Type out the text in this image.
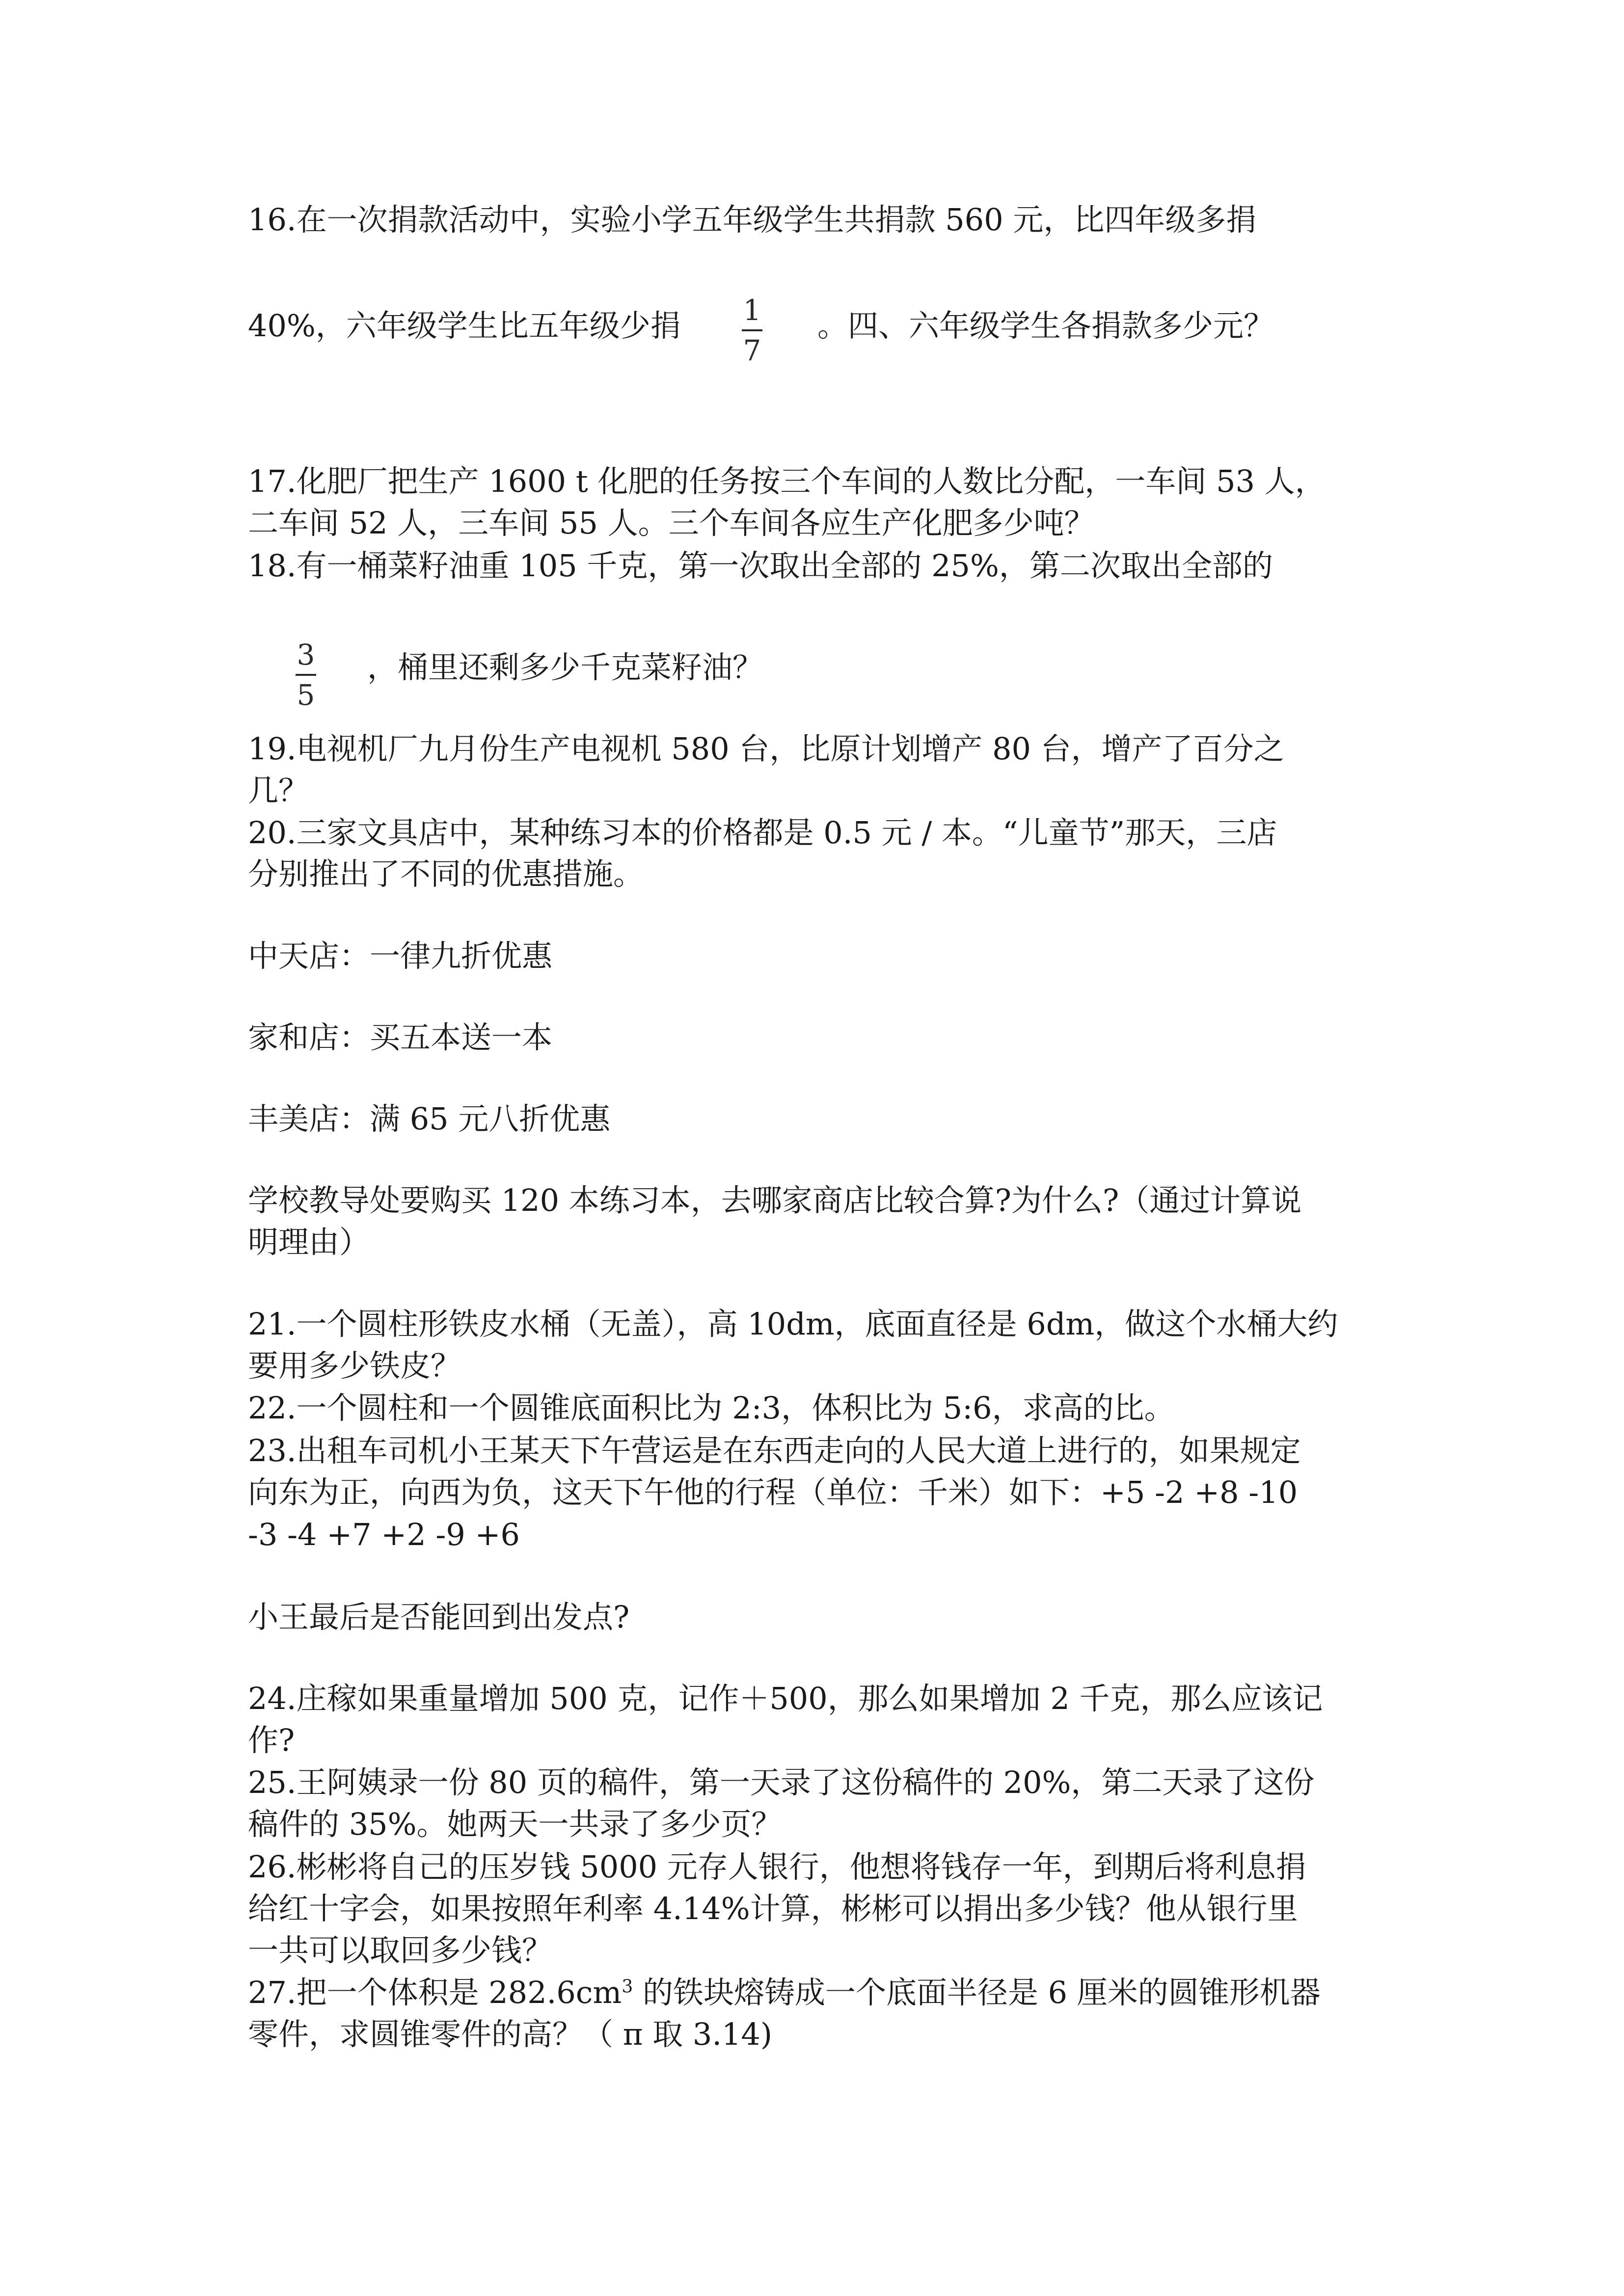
16.在一次捐款活动中，实验小学五年级学生共捐款 560 元，比四年级多捐
40%，六年级学生比五年级少捐 1
7
。四、六年级学生各捐款多少元？
17.化肥厂把生产 1600 t 化肥的任务按三个车间的人数比分配，一车间 53 人，
二车间 52 人，三车间 55 人。三个车间各应生产化肥多少吨？
18.有一桶菜籽油重 105 千克，第一次取出全部的 25%，第二次取出全部的
3
5
，桶里还剩多少千克菜籽油？
19.电视机厂九月份生产电视机 580 台，比原计划增产 80 台，增产了百分之
几？
20.三家文具店中，某种练习本的价格都是 0.5 元 / 本。“儿童节”那天，三店
分别推出了不同的优惠措施。
中天店：一律九折优惠
家和店：买五本送一本
丰美店：满 65 元八折优惠
学校教导处要购买 120 本练习本，去哪家商店比较合算?为什么?（通过计算说
明理由）
21.一个圆柱形铁皮水桶（无盖），高 10dm，底面直径是 6dm，做这个水桶大约
要用多少铁皮？
22.一个圆柱和一个圆锥底面积比为 2:3，体积比为 5:6，求高的比。
23.出租车司机小王某天下午营运是在东西走向的人民大道上进行的，如果规定
向东为正，向西为负，这天下午他的行程（单位：千米）如下：+5 -2 +8 -10
-3 -4 +7 +2 -9 +6
小王最后是否能回到出发点?
24.庄稼如果重量增加 500 克，记作＋500，那么如果增加 2 千克，那么应该记
作?
25.王阿姨录一份 80 页的稿件，第一天录了这份稿件的 20%，第二天录了这份
稿件的 35%。她两天一共录了多少页？
26.彬彬将自己的压岁钱 5000 元存人银行，他想将钱存一年，到期后将利息捐
给红十字会，如果按照年利率 4.14%计算，彬彬可以捐出多少钱？他从银行里
一共可以取回多少钱？
27.把一个体积是 $282.6cm^3$ 的铁块熔铸成一个底面半径是 6 厘米的圆锥形机器
零件，求圆锥零件的高？（ π 取 3.14)
